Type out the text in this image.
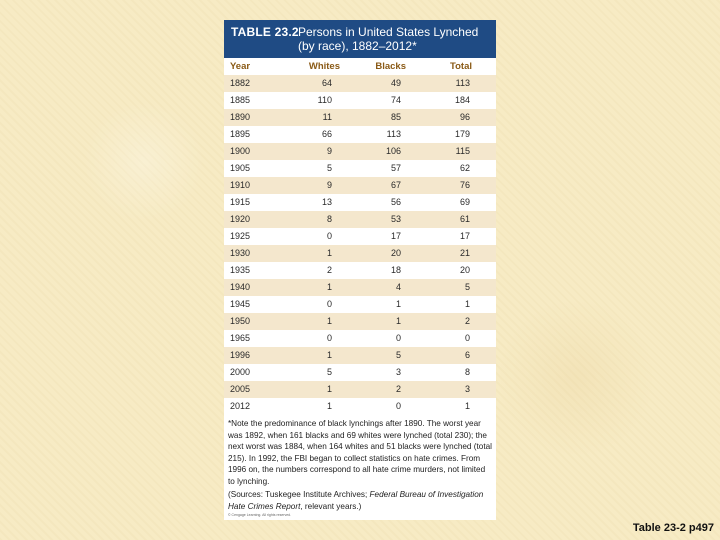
TABLE 23.2 Persons in United States Lynched (by race), 1882–2012*
Year	Whites	Blacks	Total
1882	64	49	113
1885	110	74	184
1890	11	85	96
1895	66	113	179
1900	9	106	115
1905	5	57	62
1910	9	67	76
1915	13	56	69
1920	8	53	61
1925	0	17	17
1930	1	20	21
1935	2	18	20
1940	1	4	5
1945	0	1	1
1950	1	1	2
1965	0	0	0
1996	1	5	6
2000	5	3	8
2005	1	2	3
2012	1	0	1
*Note the predominance of black lynchings after 1890. The worst year was 1892, when 161 blacks and 69 whites were lynched (total 230); the next worst was 1884, when 164 whites and 51 blacks were lynched (total 215). In 1992, the FBI began to collect statistics on hate crimes. From 1996 on, the numbers correspond to all hate crime murders, not limited to lynching.
(Sources: Tuskegee Institute Archives; Federal Bureau of Investigation Hate Crimes Report, relevant years.)
© Cengage Learning. All rights reserved.
Table 23-2 p497
